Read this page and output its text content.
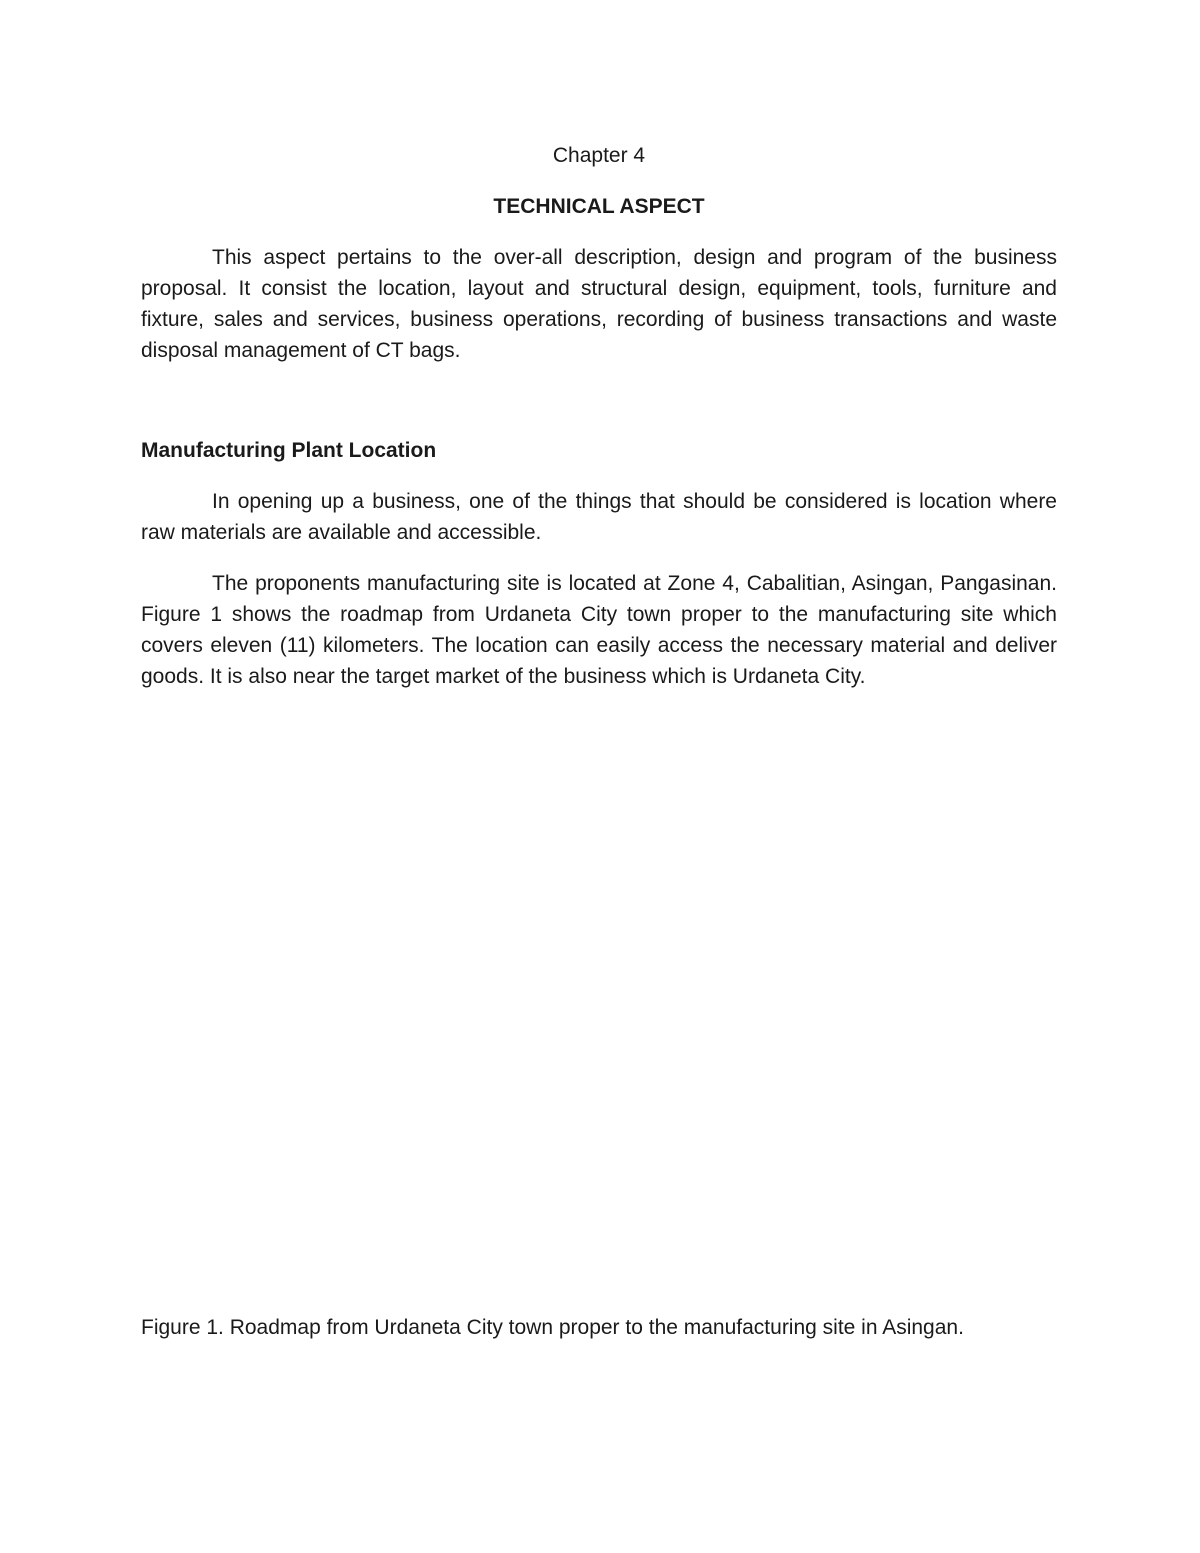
Chapter 4
TECHNICAL ASPECT

This aspect pertains to the over-all description, design and program of the business proposal. It consist the location, layout and structural design, equipment, tools, furniture and fixture, sales and services, business operations, recording of business transactions and waste disposal management of CT bags.

Manufacturing Plant Location

In opening up a business, one of the things that should be considered is location where raw materials are available and accessible.

The proponents manufacturing site is located at Zone 4, Cabalitian, Asingan, Pangasinan. Figure 1 shows the roadmap from Urdaneta City town proper to the manufacturing site which covers eleven (11) kilometers. The location can easily access the necessary material and deliver goods. It is also near the target market of the business which is Urdaneta City.

Figure 1. Roadmap from Urdaneta City town proper to the manufacturing site in Asingan.
